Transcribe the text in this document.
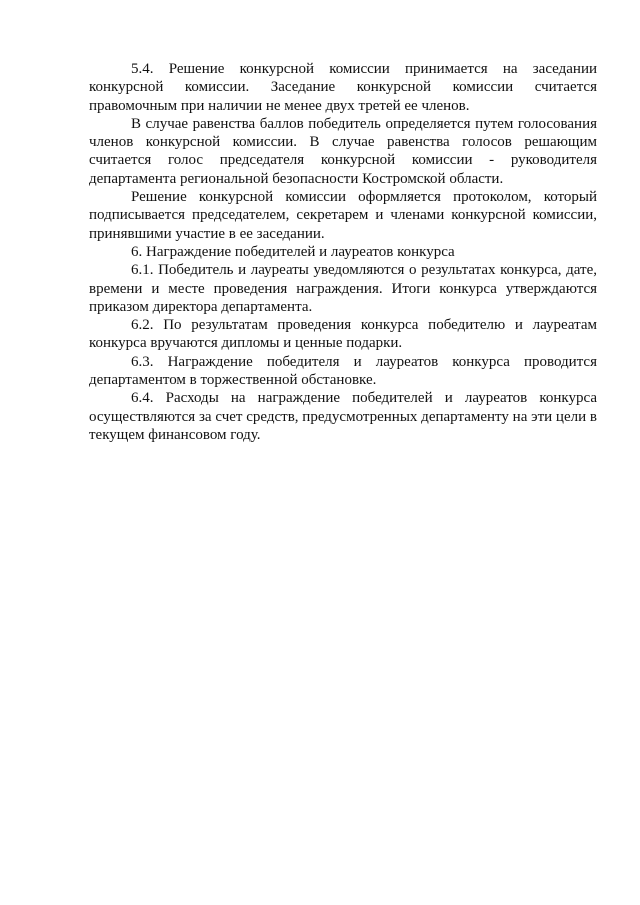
5.4. Решение конкурсной комиссии принимается на заседании конкурсной комиссии. Заседание конкурсной комиссии считается правомочным при наличии не менее двух третей ее членов.

В случае равенства баллов победитель определяется путем голосования членов конкурсной комиссии. В случае равенства голосов решающим считается голос председателя конкурсной комиссии - руководителя департамента региональной безопасности Костромской области.

Решение конкурсной комиссии оформляется протоколом, который подписывается председателем, секретарем и членами конкурсной комиссии, принявшими участие в ее заседании.

6. Награждение победителей и лауреатов конкурса

6.1. Победитель и лауреаты уведомляются о результатах конкурса, дате, времени и месте проведения награждения. Итоги конкурса утверждаются приказом директора департамента.

6.2. По результатам проведения конкурса победителю и лауреатам конкурса вручаются дипломы и ценные подарки.

6.3. Награждение победителя и лауреатов конкурса проводится департаментом в торжественной обстановке.

6.4. Расходы на награждение победителей и лауреатов конкурса осуществляются за счет средств, предусмотренных департаменту на эти цели в текущем финансовом году.
